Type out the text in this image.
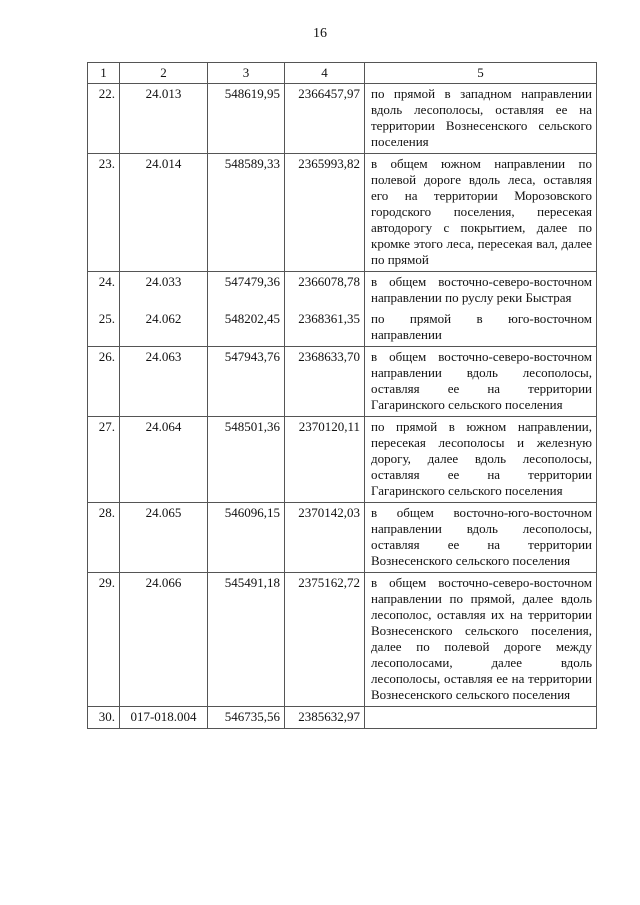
16
1	2	3	4	5
22.	24.013	548619,95	2366457,97	по прямой в западном направлении вдоль лесополосы, оставляя ее на территории Вознесенского сельского поселения
23.	24.014	548589,33	2365993,82	в общем южном направлении по полевой дороге вдоль леса, оставляя его на территории Морозовского городского поселения, пересекая автодорогу с покрытием, далее по кромке этого леса, пересекая вал, далее по прямой
24.	24.033	547479,36	2366078,78	в общем восточно-северо-восточном направлении по руслу реки Быстрая
25.	24.062	548202,45	2368361,35	по прямой в юго-восточном направлении
26.	24.063	547943,76	2368633,70	в общем восточно-северо-восточном направлении вдоль лесополосы, оставляя ее на территории Гагаринского сельского поселения
27.	24.064	548501,36	2370120,11	по прямой в южном направлении, пересекая лесополосы и железную дорогу, далее вдоль лесополосы, оставляя ее на территории Гагаринского сельского поселения
28.	24.065	546096,15	2370142,03	в общем восточно-юго-восточном направлении вдоль лесополосы, оставляя ее на территории Вознесенского сельского поселения
29.	24.066	545491,18	2375162,72	в общем восточно-северо-восточном направлении по прямой, далее вдоль лесополос, оставляя их на территории Вознесенского сельского поселения, далее по полевой дороге между лесополосами, далее вдоль лесополосы, оставляя ее на территории Вознесенского сельского поселения
30.	017-018.004	546735,56	2385632,97	
